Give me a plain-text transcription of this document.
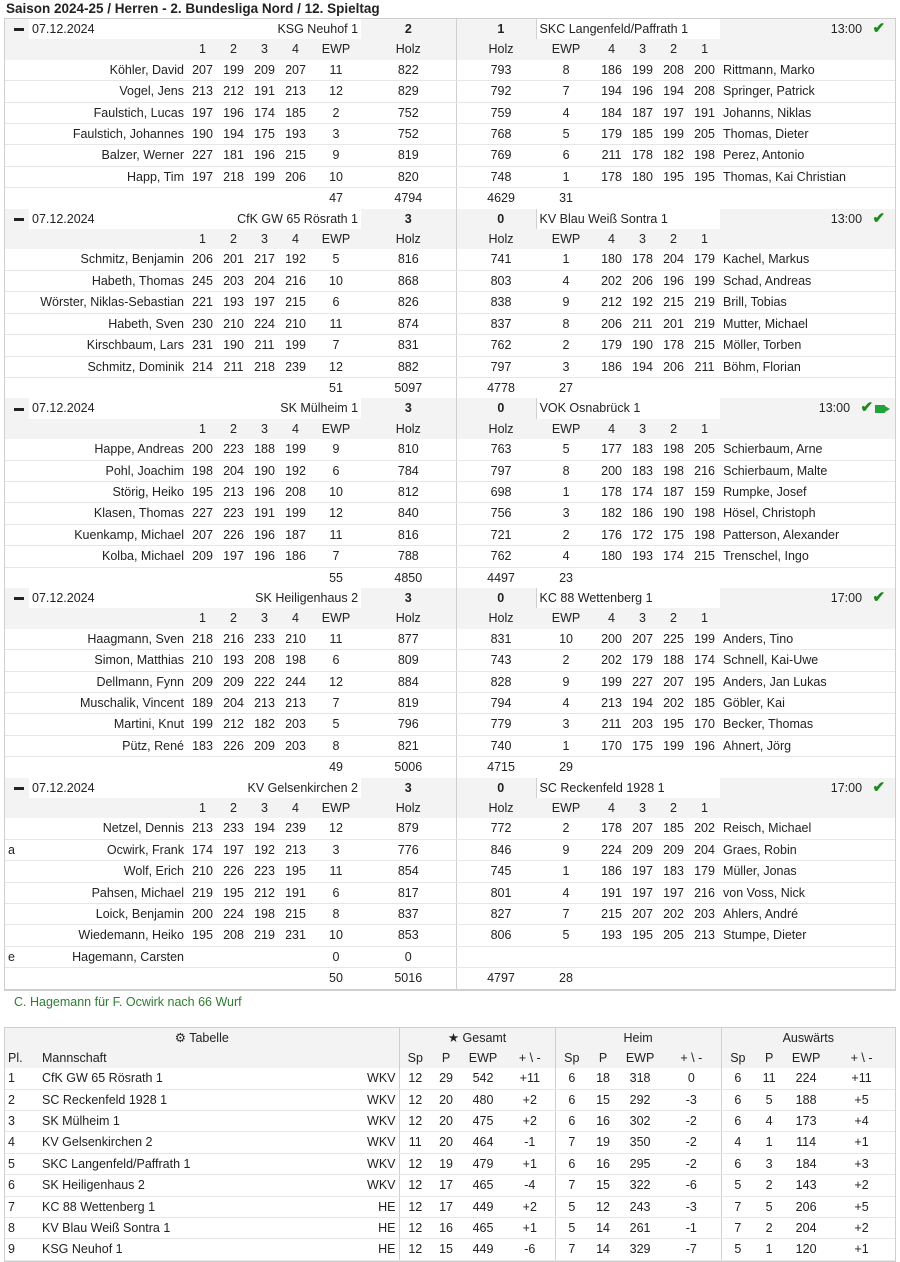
Saison 2024-25 / Herren - 2. Bundesliga Nord / 12. Spieltag
	07.12.2024	KSG Neuhof 1					2		1	SKC Langenfeld/Paffrath 1					13:00 ✔
		1	2	3	4	EWP	Holz		Holz	EWP	4	3	2	1	
	Köhler, David	207	199	209	207	11	822		793	8	186	199	208	200	Rittmann, Marko
	Vogel, Jens	213	212	191	213	12	829		792	7	194	196	194	208	Springer, Patrick
	Faulstich, Lucas	197	196	174	185	2	752		759	4	184	187	197	191	Johanns, Niklas
	Faulstich, Johannes	190	194	175	193	3	752		768	5	179	185	199	205	Thomas, Dieter
	Balzer, Werner	227	181	196	215	9	819		769	6	211	178	182	198	Perez, Antonio
	Happ, Tim	197	218	199	206	10	820		748	1	178	180	195	195	Thomas, Kai Christian
						47	4794		4629	31					
	07.12.2024	CfK GW 65 Rösrath 1					3		0	KV Blau Weiß Sontra 1					13:00 ✔
		1	2	3	4	EWP	Holz		Holz	EWP	4	3	2	1	
	Schmitz, Benjamin	206	201	217	192	5	816		741	1	180	178	204	179	Kachel, Markus
	Habeth, Thomas	245	203	204	216	10	868		803	4	202	206	196	199	Schad, Andreas
	Wörster, Niklas-Sebastian	221	193	197	215	6	826		838	9	212	192	215	219	Brill, Tobias
	Habeth, Sven	230	210	224	210	11	874		837	8	206	211	201	219	Mutter, Michael
	Kirschbaum, Lars	231	190	211	199	7	831		762	2	179	190	178	215	Möller, Torben
	Schmitz, Dominik	214	211	218	239	12	882		797	3	186	194	206	211	Böhm, Florian
						51	5097		4778	27					
	07.12.2024	SK Mülheim 1					3		0	VOK Osnabrück 1					13:00 ✔
		1	2	3	4	EWP	Holz		Holz	EWP	4	3	2	1	
	Happe, Andreas	200	223	188	199	9	810		763	5	177	183	198	205	Schierbaum, Arne
	Pohl, Joachim	198	204	190	192	6	784		797	8	200	183	198	216	Schierbaum, Malte
	Störig, Heiko	195	213	196	208	10	812		698	1	178	174	187	159	Rumpke, Josef
	Klasen, Thomas	227	223	191	199	12	840		756	3	182	186	190	198	Hösel, Christoph
	Kuenkamp, Michael	207	226	196	187	11	816		721	2	176	172	175	198	Patterson, Alexander
	Kolba, Michael	209	197	196	186	7	788		762	4	180	193	174	215	Trenschel, Ingo
						55	4850		4497	23					
	07.12.2024	SK Heiligenhaus 2					3		0	KC 88 Wettenberg 1					17:00 ✔
		1	2	3	4	EWP	Holz		Holz	EWP	4	3	2	1	
	Haagmann, Sven	218	216	233	210	11	877		831	10	200	207	225	199	Anders, Tino
	Simon, Matthias	210	193	208	198	6	809		743	2	202	179	188	174	Schnell, Kai-Uwe
	Dellmann, Fynn	209	209	222	244	12	884		828	9	199	227	207	195	Anders, Jan Lukas
	Muschalik, Vincent	189	204	213	213	7	819		794	4	213	194	202	185	Göbler, Kai
	Martini, Knut	199	212	182	203	5	796		779	3	211	203	195	170	Becker, Thomas
	Pütz, René	183	226	209	203	8	821		740	1	170	175	199	196	Ahnert, Jörg
						49	5006		4715	29					
	07.12.2024	KV Gelsenkirchen 2					3		0	SC Reckenfeld 1928 1					17:00 ✔
		1	2	3	4	EWP	Holz		Holz	EWP	4	3	2	1	
	Netzel, Dennis	213	233	194	239	12	879		772	2	178	207	185	202	Reisch, Michael
a	Ocwirk, Frank	174	197	192	213	3	776		846	9	224	209	209	204	Graes, Robin
	Wolf, Erich	210	226	223	195	11	854		745	1	186	197	183	179	Müller, Jonas
	Pahsen, Michael	219	195	212	191	6	817		801	4	191	197	197	216	von Voss, Nick
	Loick, Benjamin	200	224	198	215	8	837		827	7	215	207	202	203	Ahlers, André
	Wiedemann, Heiko	195	208	219	231	10	853		806	5	193	195	205	213	Stumpe, Dieter
e	Hagemann, Carsten					0	0								
						50	5016		4797	28					
C. Hagemann für F. Ocwirk nach 66 Wurf
⚙ Tabelle			★ Gesamt				Heim				Auswärts			
Pl.	Mannschaft		Sp	P	EWP	+ \ -	Sp	P	EWP	+ \ -	Sp	P	EWP	+ \ -
1	CfK GW 65 Rösrath 1	WKV	12	29	542	+11	6	18	318	0	6	11	224	+11
2	SC Reckenfeld 1928 1	WKV	12	20	480	+2	6	15	292	-3	6	5	188	+5
3	SK Mülheim 1	WKV	12	20	475	+2	6	16	302	-2	6	4	173	+4
4	KV Gelsenkirchen 2	WKV	11	20	464	-1	7	19	350	-2	4	1	114	+1
5	SKC Langenfeld/Paffrath 1	WKV	12	19	479	+1	6	16	295	-2	6	3	184	+3
6	SK Heiligenhaus 2	WKV	12	17	465	-4	7	15	322	-6	5	2	143	+2
7	KC 88 Wettenberg 1	HE	12	17	449	+2	5	12	243	-3	7	5	206	+5
8	KV Blau Weiß Sontra 1	HE	12	16	465	+1	5	14	261	-1	7	2	204	+2
9	KSG Neuhof 1	HE	12	15	449	-6	7	14	329	-7	5	1	120	+1
